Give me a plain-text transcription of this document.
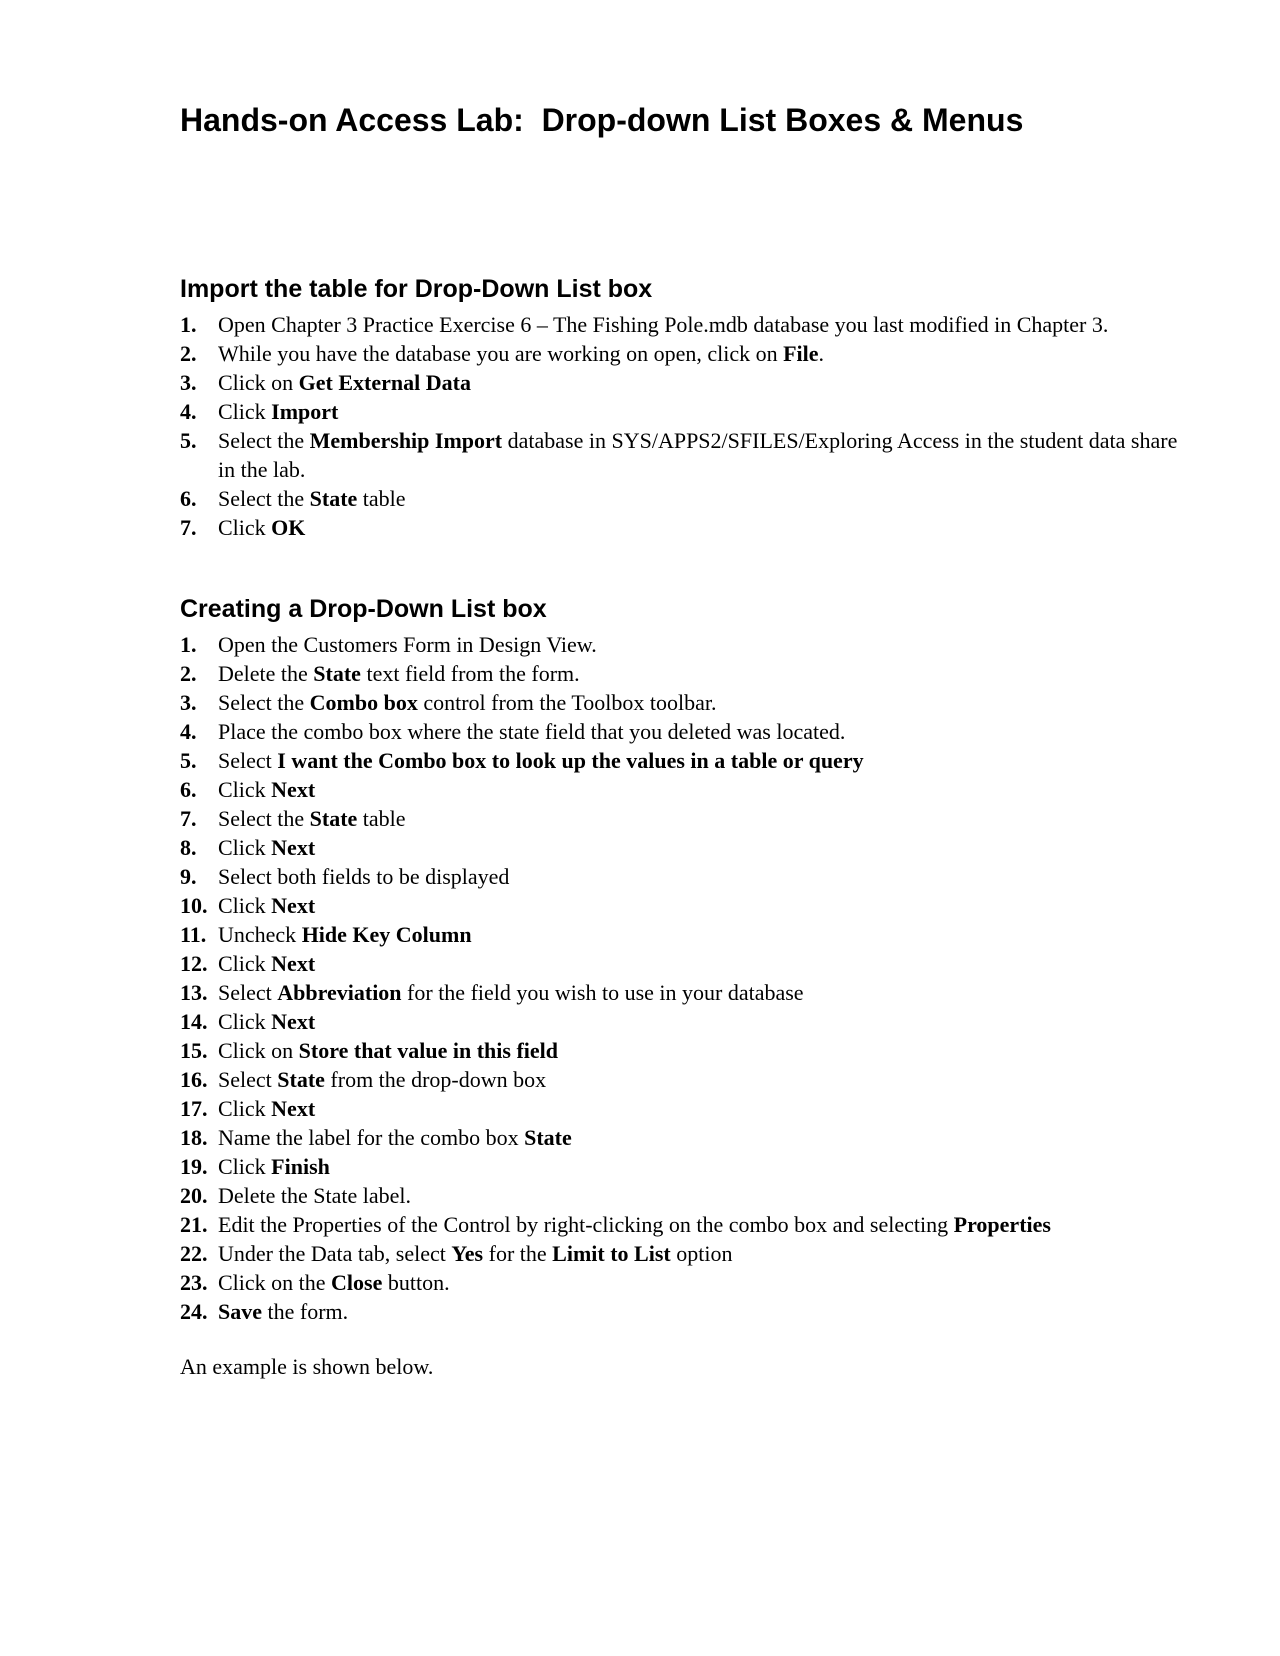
Hands-on Access Lab:  Drop-down List Boxes & Menus
Import the table for Drop-Down List box
1. Open Chapter 3 Practice Exercise 6 – The Fishing Pole.mdb database you last modified in Chapter 3.
2. While you have the database you are working on open, click on File.
3. Click on Get External Data
4. Click Import
5. Select the Membership Import database in SYS/APPS2/SFILES/Exploring Access in the student data share in the lab.
6. Select the State table
7. Click OK
Creating a Drop-Down List box
1. Open the Customers Form in Design View.
2. Delete the State text field from the form.
3. Select the Combo box control from the Toolbox toolbar.
4. Place the combo box where the state field that you deleted was located.
5. Select I want the Combo box to look up the values in a table or query
6. Click Next
7. Select the State table
8. Click Next
9. Select both fields to be displayed
10. Click Next
11. Uncheck Hide Key Column
12. Click Next
13. Select Abbreviation for the field you wish to use in your database
14. Click Next
15. Click on Store that value in this field
16. Select State from the drop-down box
17. Click Next
18. Name the label for the combo box State
19. Click Finish
20. Delete the State label.
21. Edit the Properties of the Control by right-clicking on the combo box and selecting Properties
22. Under the Data tab, select Yes for the Limit to List option
23. Click on the Close button.
24. Save the form.

An example is shown below.
